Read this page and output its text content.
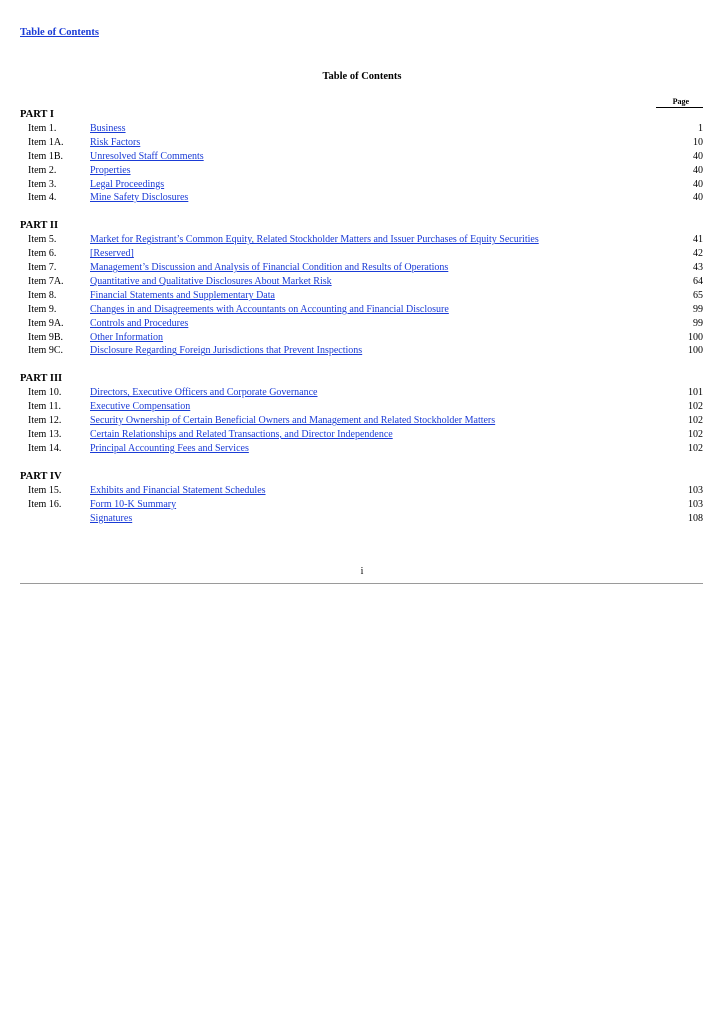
Table of Contents
Table of Contents
Page
PART I
Item 1.	Business	1
Item 1A.	Risk Factors	10
Item 1B.	Unresolved Staff Comments	40
Item 2.	Properties	40
Item 3.	Legal Proceedings	40
Item 4.	Mine Safety Disclosures	40
PART II
Item 5.	Market for Registrant’s Common Equity, Related Stockholder Matters and Issuer Purchases of Equity Securities	41
Item 6.	[Reserved]	42
Item 7.	Management’s Discussion and Analysis of Financial Condition and Results of Operations	43
Item 7A.	Quantitative and Qualitative Disclosures About Market Risk	64
Item 8.	Financial Statements and Supplementary Data	65
Item 9.	Changes in and Disagreements with Accountants on Accounting and Financial Disclosure	99
Item 9A.	Controls and Procedures	99
Item 9B.	Other Information	100
Item 9C.	Disclosure Regarding Foreign Jurisdictions that Prevent Inspections	100
PART III
Item 10.	Directors, Executive Officers and Corporate Governance	101
Item 11.	Executive Compensation	102
Item 12.	Security Ownership of Certain Beneficial Owners and Management and Related Stockholder Matters	102
Item 13.	Certain Relationships and Related Transactions, and Director Independence	102
Item 14.	Principal Accounting Fees and Services	102
PART IV
Item 15.	Exhibits and Financial Statement Schedules	103
Item 16.	Form 10-K Summary	103
Signatures	108
i
